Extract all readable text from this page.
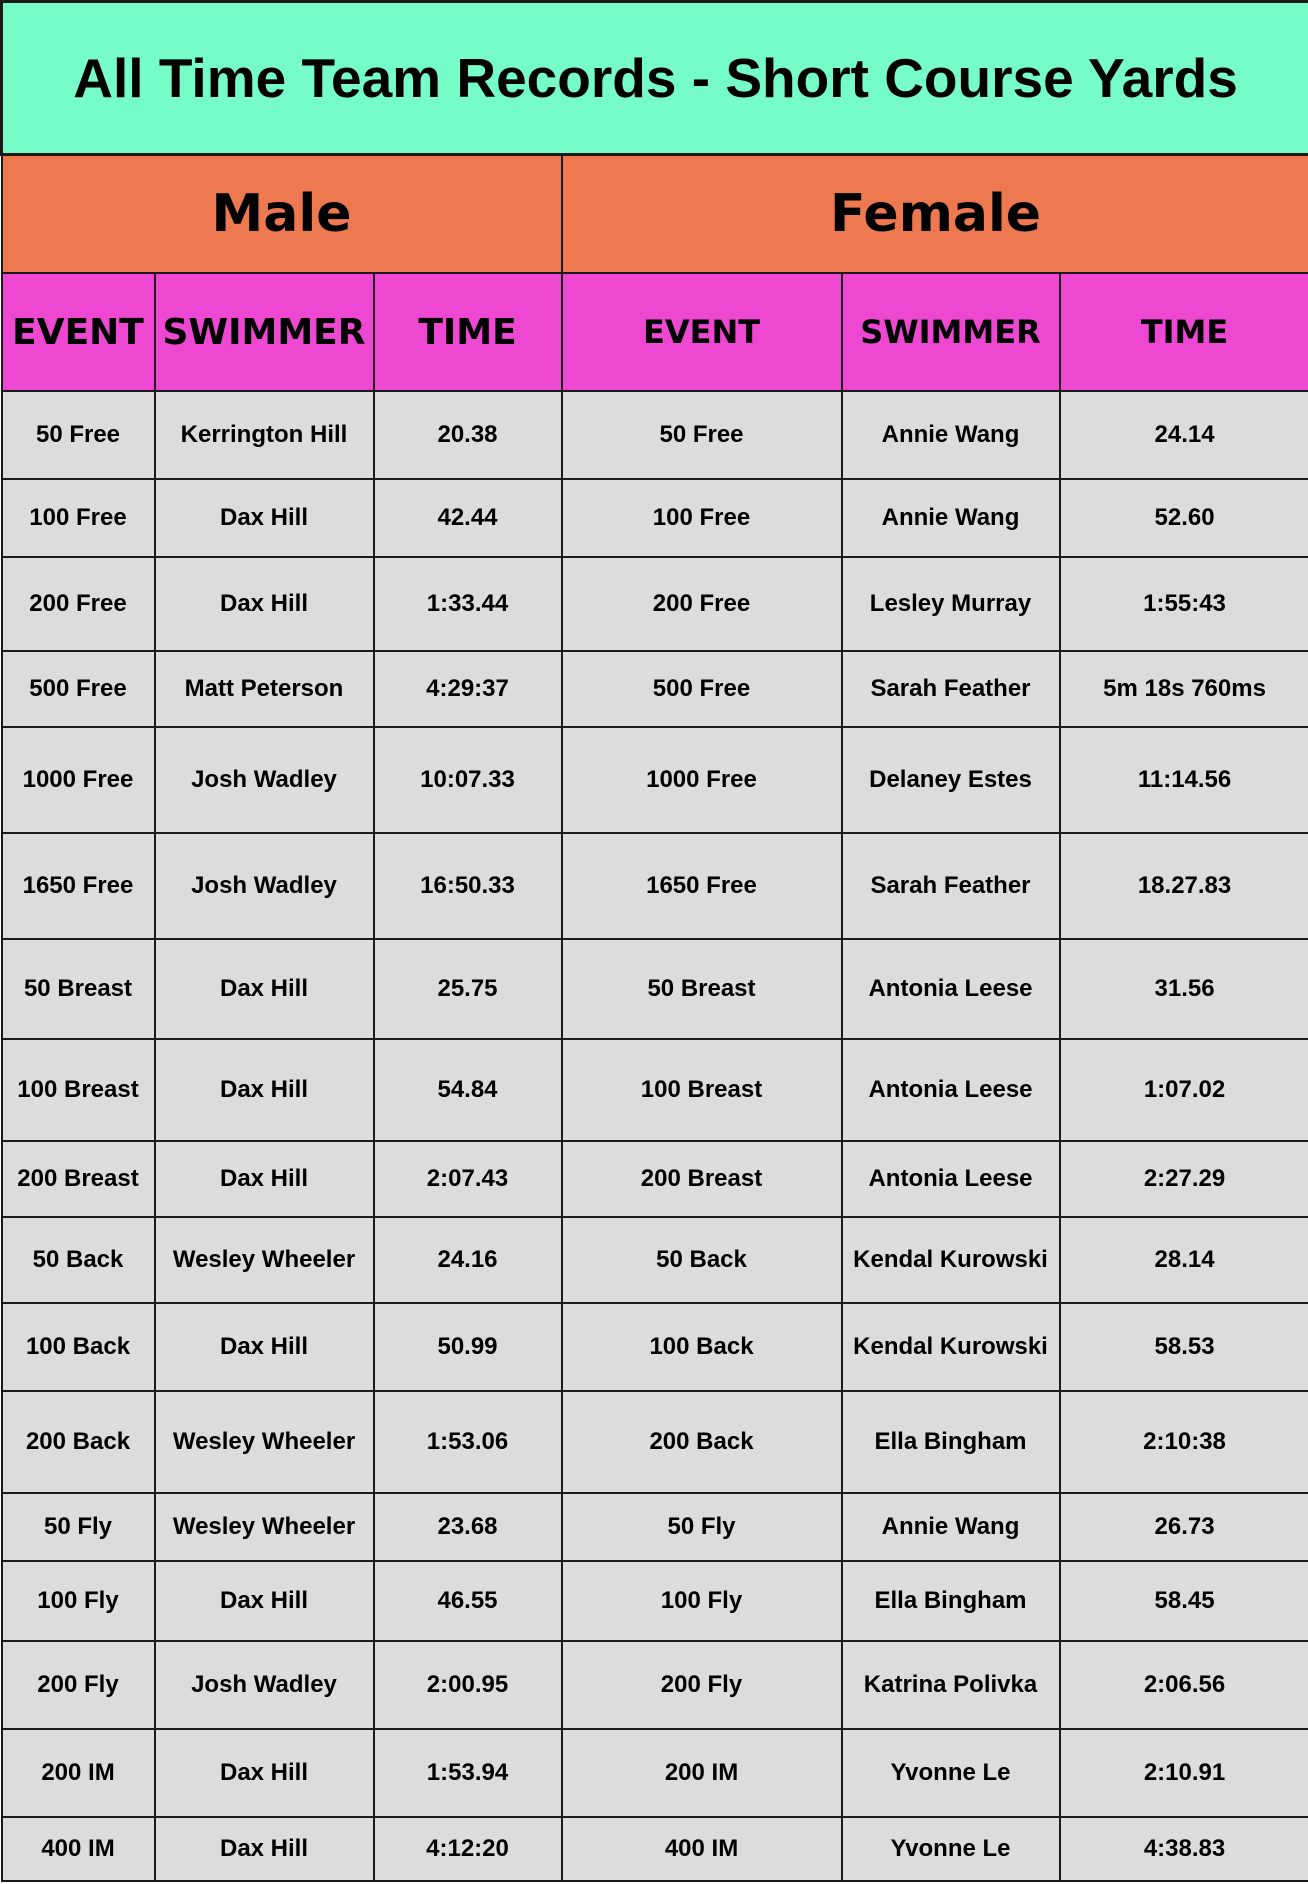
All Time Team Records - Short Course Yards					
Male			Female		
EVENT	SWIMMER	TIME	EVENT	SWIMMER	TIME
50 Free	Kerrington Hill	20.38	50 Free	Annie Wang	24.14
100 Free	Dax Hill	42.44	100 Free	Annie Wang	52.60
200 Free	Dax Hill	1:33.44	200 Free	Lesley Murray	1:55:43
500 Free	Matt Peterson	4:29:37	500 Free	Sarah Feather	5m 18s 760ms
1000 Free	Josh Wadley	10:07.33	1000 Free	Delaney Estes	11:14.56
1650 Free	Josh Wadley	16:50.33	1650 Free	Sarah Feather	18.27.83
50 Breast	Dax Hill	25.75	50 Breast	Antonia Leese	31.56
100 Breast	Dax Hill	54.84	100 Breast	Antonia Leese	1:07.02
200 Breast	Dax Hill	2:07.43	200 Breast	Antonia Leese	2:27.29
50 Back	Wesley Wheeler	24.16	50 Back	Kendal Kurowski	28.14
100 Back	Dax Hill	50.99	100 Back	Kendal Kurowski	58.53
200 Back	Wesley Wheeler	1:53.06	200 Back	Ella Bingham	2:10:38
50 Fly	Wesley Wheeler	23.68	50 Fly	Annie Wang	26.73
100 Fly	Dax Hill	46.55	100 Fly	Ella Bingham	58.45
200 Fly	Josh Wadley	2:00.95	200 Fly	Katrina Polivka	2:06.56
200 IM	Dax Hill	1:53.94	200 IM	Yvonne Le	2:10.91
400 IM	Dax Hill	4:12:20	400 IM	Yvonne Le	4:38.83
